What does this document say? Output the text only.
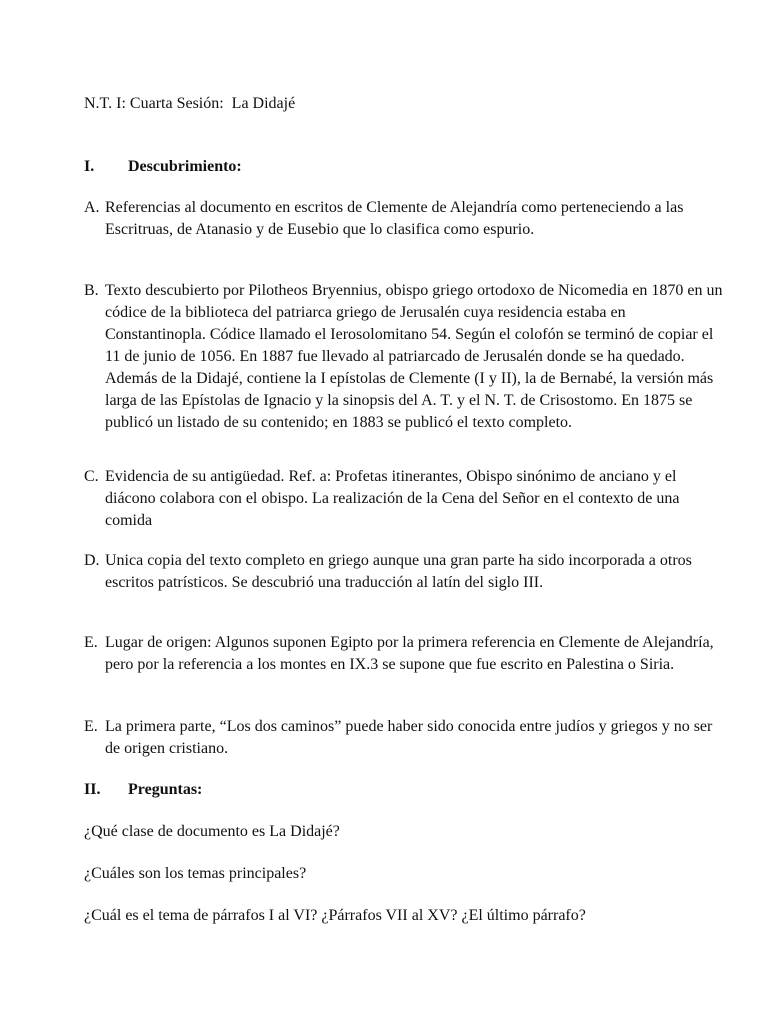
N.T. I: Cuarta Sesión:  La Didajé
I. Descubrimiento:
A. Referencias al documento en escritos de Clemente de Alejandría como perteneciendo a las Escritruas, de Atanasio y de Eusebio que lo clasifica como espurio.
B. Texto descubierto por Pilotheos Bryennius, obispo griego ortodoxo de Nicomedia en 1870 en un códice de la biblioteca del patriarca griego de Jerusalén cuya residencia estaba en Constantinopla. Códice llamado el Ierosolomitano 54. Según el colofón se terminó de copiar el 11 de junio de 1056. En 1887 fue llevado al patriarcado de Jerusalén donde se ha quedado. Además de la Didajé, contiene la I epístolas de Clemente (I y II), la de Bernabé, la versión más larga de las Epístolas de Ignacio y la sinopsis del A. T. y el N. T. de Crisostomo. En 1875 se publicó un listado de su contenido; en 1883 se publicó el texto completo.
C. Evidencia de su antigüedad. Ref. a: Profetas itinerantes, Obispo sinónimo de anciano y el diácono colabora con el obispo. La realización de la Cena del Señor en el contexto de una comida
D. Unica copia del texto completo en griego aunque una gran parte ha sido incorporada a otros escritos patrísticos. Se descubrió una traducción al latín del siglo III.
E. Lugar de origen: Algunos suponen Egipto por la primera referencia en Clemente de Alejandría, pero por la referencia a los montes en IX.3 se supone que fue escrito en Palestina o Siria.
E. La primera parte, “Los dos caminos” puede haber sido conocida entre judíos y griegos y no ser de origen cristiano.
II. Preguntas:
¿Qué clase de documento es La Didajé?
¿Cuáles son los temas principales?
¿Cuál es el tema de párrafos I al VI? ¿Párrafos VII al XV? ¿El último párrafo?
